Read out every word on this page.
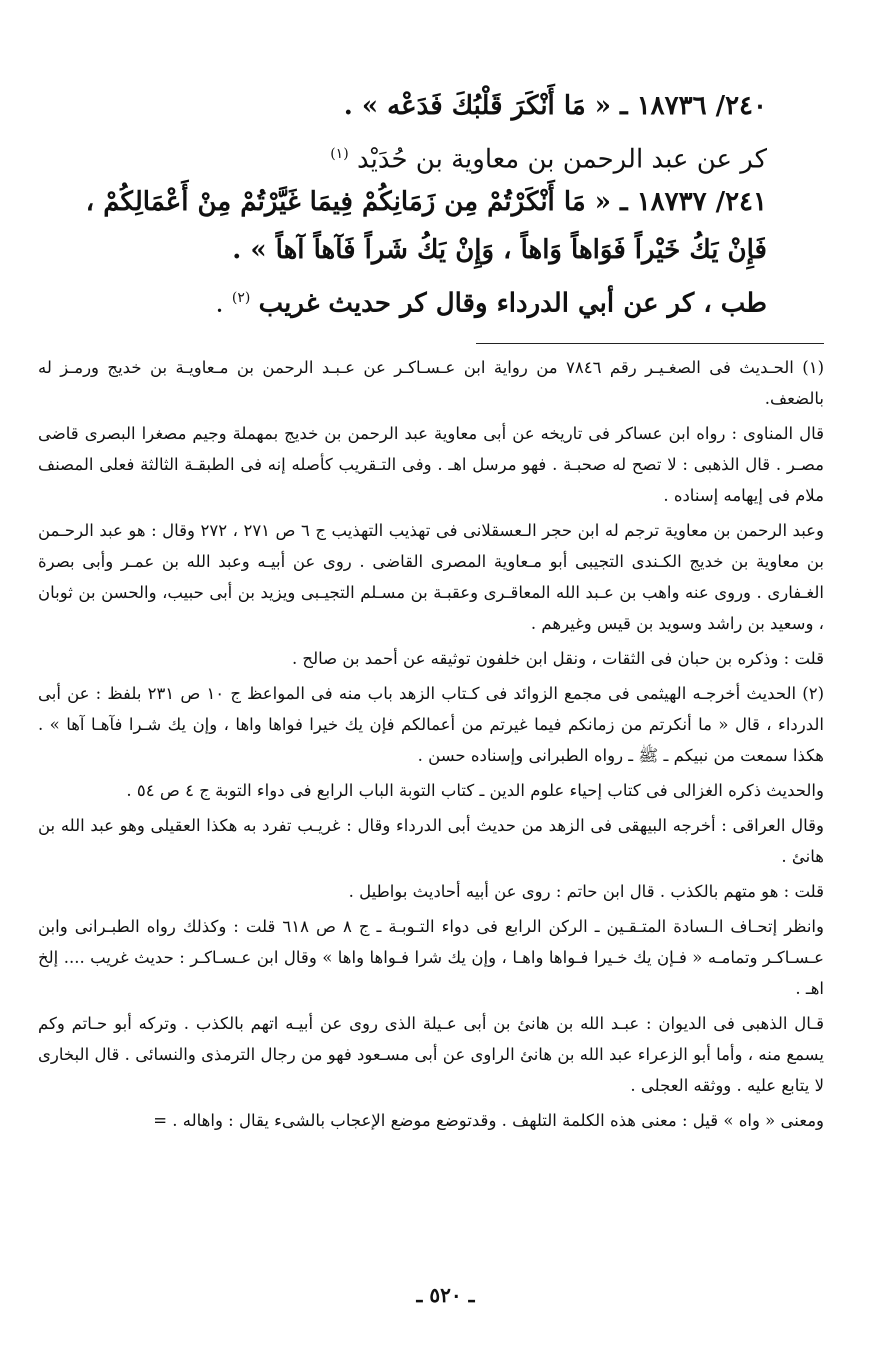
٢٤٠/ ١٨٧٣٦ ـ « مَا أَنْكَرَ قَلْبُكَ فَدَعْه » .
كر عن عبد الرحمن بن معاوية بن حُدَيْد $^{(١)}$
٢٤١/ ١٨٧٣٧ ـ « مَا أَنْكَرْتُمْ مِن زَمَانِكُمْ فِيمَا غَيَّرْتُمْ مِنْ أَعْمَالِكُمْ ، فَإِنْ يَكُ خَيْراً فَوَاهاً وَاهاً ، وَإِنْ يَكُ شَراً فَآهاً آهاً » .
طب ، كر عن أبي الدرداء وقال كر حديث غريب $^{(٢)}$ .

(١) الحـديث فى الصغـيـر رقم ٧٨٤٦ من رواية ابن عـسـاكـر عن عـبـد الرحمن بن مـعاويـة بن خديج ورمـز له بالضعف.

قال المناوى : رواه ابن عساكر فى تاريخه عن أبى معاوية عبد الرحمن بن خديج بمهملة وجيم مصغرا البصرى قاضى مصـر . قال الذهبى : لا تصح له صحبـة . فهو مرسل اهـ . وفى التـقريب كأصله إنه فى الطبقـة الثالثة فعلى المصنف ملام فى إيهامه إسناده .

وعبد الرحمن بن معاوية ترجم له ابن حجر الـعسقلانى فى تهذيب التهذيب ج ٦ ص ٢٧١ ، ٢٧٢ وقال : هو عبد الرحـمن بن معاوية بن خديج الكـندى التجيبى أبو مـعاوية المصرى القاضى . روى عن أبيـه وعبد الله بن عمـر وأبى بصرة الغـفارى . وروى عنه واهب بن عـبد الله المعاقـرى وعقبـة بن مسـلم التجيـبى ويزيد بن أبى حبيب، والحسن بن ثوبان ، وسعيد بن راشد وسويد بن قيس وغيرهم .

قلت : وذكره بن حبان فى الثقات ، ونقل ابن خلفون توثيقه عن أحمد بن صالح .

(٢) الحديث أخرجـه الهيثمى فى مجمع الزوائد فى كـتاب الزهد باب منه فى المواعظ ج ١٠ ص ٢٣١ بلفظ : عن أبى الدرداء ، قال « ما أنكرتم من زمانكم فيما غيرتم من أعمالكم فإن يك خيرا فواها واها ، وإن يك شـرا فآهـا آها » . هكذا سمعت من نبيكم ـ ﷺ ـ رواه الطبرانى وإسناده حسن .

والحديث ذكره الغزالى فى كتاب إحياء علوم الدين ـ كتاب التوبة الباب الرابع فى دواء التوبة ج ٤ ص ٥٤ .

وقال العراقى : أخرجه البيهقى فى الزهد من حديث أبى الدرداء وقال : غريـب تفرد به هكذا العقيلى وهو عبد الله بن هانئ .

قلت : هو متهم بالكذب . قال ابن حاتم : روى عن أبيه أحاديث بواطيل .

وانظر إتحـاف الـسادة المتـقـين ـ الركن الرابع فى دواء التـوبـة ـ ج ٨ ص ٦١٨ قلت : وكذلك رواه الطبـرانى وابن عـسـاكـر وتمامـه « فـإن يك خـيرا فـواها واهـا ، وإن يك شرا فـواها واها » وقال ابن عـسـاكـر : حديث غريب .... إلخ اهـ .

قـال الذهبى فى الديوان : عبـد الله بن هانئ بن أبى عـيلة الذى روى عن أبيـه اتهم بالكذب . وتركه أبو حـاتم وكم يسمع منه ، وأما أبو الزعراء عبد الله بن هانئ الراوى عن أبى مسـعود فهو من رجال الترمذى والنسائى . قال البخارى لا يتابع عليه . ووثقه العجلى .

ومعنى « واه » قيل : معنى هذه الكلمة التلهف . وقدتوضع موضع الإعجاب بالشىء يقال : واهاله . =

ـ ٥٢٠ ـ
